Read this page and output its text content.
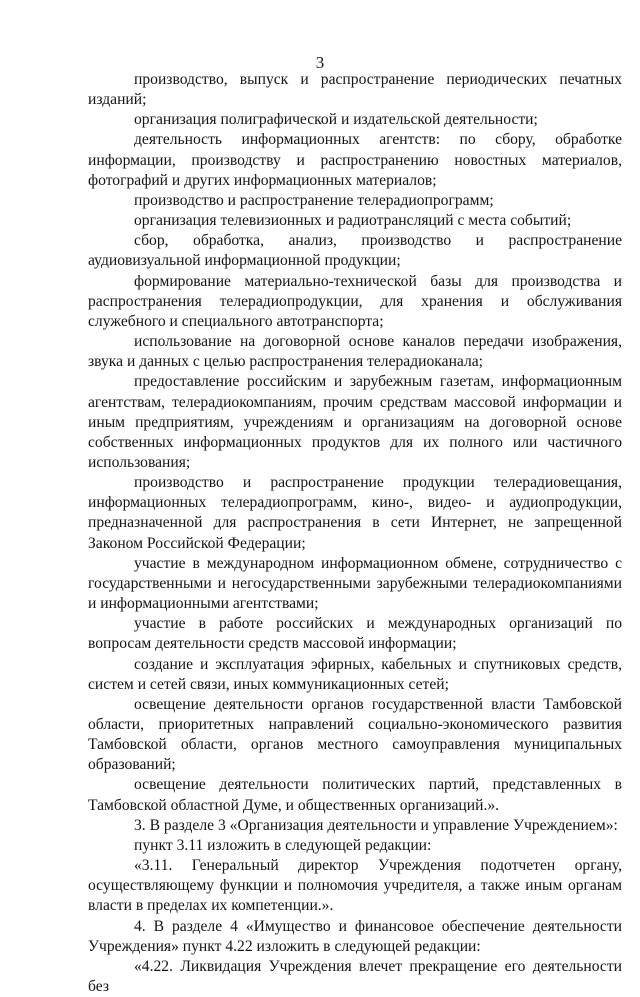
3

производство, выпуск и распространение периодических печатных изданий;

организация полиграфической и издательской деятельности;

деятельность информационных агентств: по сбору, обработке информации, производству и распространению новостных материалов, фотографий и других информационных материалов;

производство и распространение телерадиопрограмм;

организация телевизионных и радиотрансляций с места событий;

сбор, обработка, анализ, производство и распространение аудиовизуальной информационной продукции;

формирование материально-технической базы для производства и распространения телерадиопродукции, для хранения и обслуживания служебного и специального автотранспорта;

использование на договорной основе каналов передачи изображения, звука и данных с целью распространения телерадиоканала;

предоставление российским и зарубежным газетам, информационным агентствам, телерадиокомпаниям, прочим средствам массовой информации и иным предприятиям, учреждениям и организациям на договорной основе собственных информационных продуктов для их полного или частичного использования;

производство и распространение продукции телерадиовещания, информационных телерадиопрограмм, кино-, видео- и аудиопродукции, предназначенной для распространения в сети Интернет, не запрещенной Законом Российской Федерации;

участие в международном информационном обмене, сотрудничество с государственными и негосударственными зарубежными телерадиокомпаниями и информационными агентствами;

участие в работе российских и международных организаций по вопросам деятельности средств массовой информации;

создание и эксплуатация эфирных, кабельных и спутниковых средств, систем и сетей связи, иных коммуникационных сетей;

освещение деятельности органов государственной власти Тамбовской области, приоритетных направлений социально-экономического развития Тамбовской области, органов местного самоуправления муниципальных образований;

освещение деятельности политических партий, представленных в Тамбовской областной Думе, и общественных организаций.».

3. В разделе 3 «Организация деятельности и управление Учреждением»:

пункт 3.11 изложить в следующей редакции:

«3.11. Генеральный директор Учреждения подотчетен органу, осуществляющему функции и полномочия учредителя, а также иным органам власти в пределах их компетенции.».

4. В разделе 4 «Имущество и финансовое обеспечение деятельности Учреждения» пункт 4.22 изложить в следующей редакции:

«4.22. Ликвидация Учреждения влечет прекращение его деятельности без
